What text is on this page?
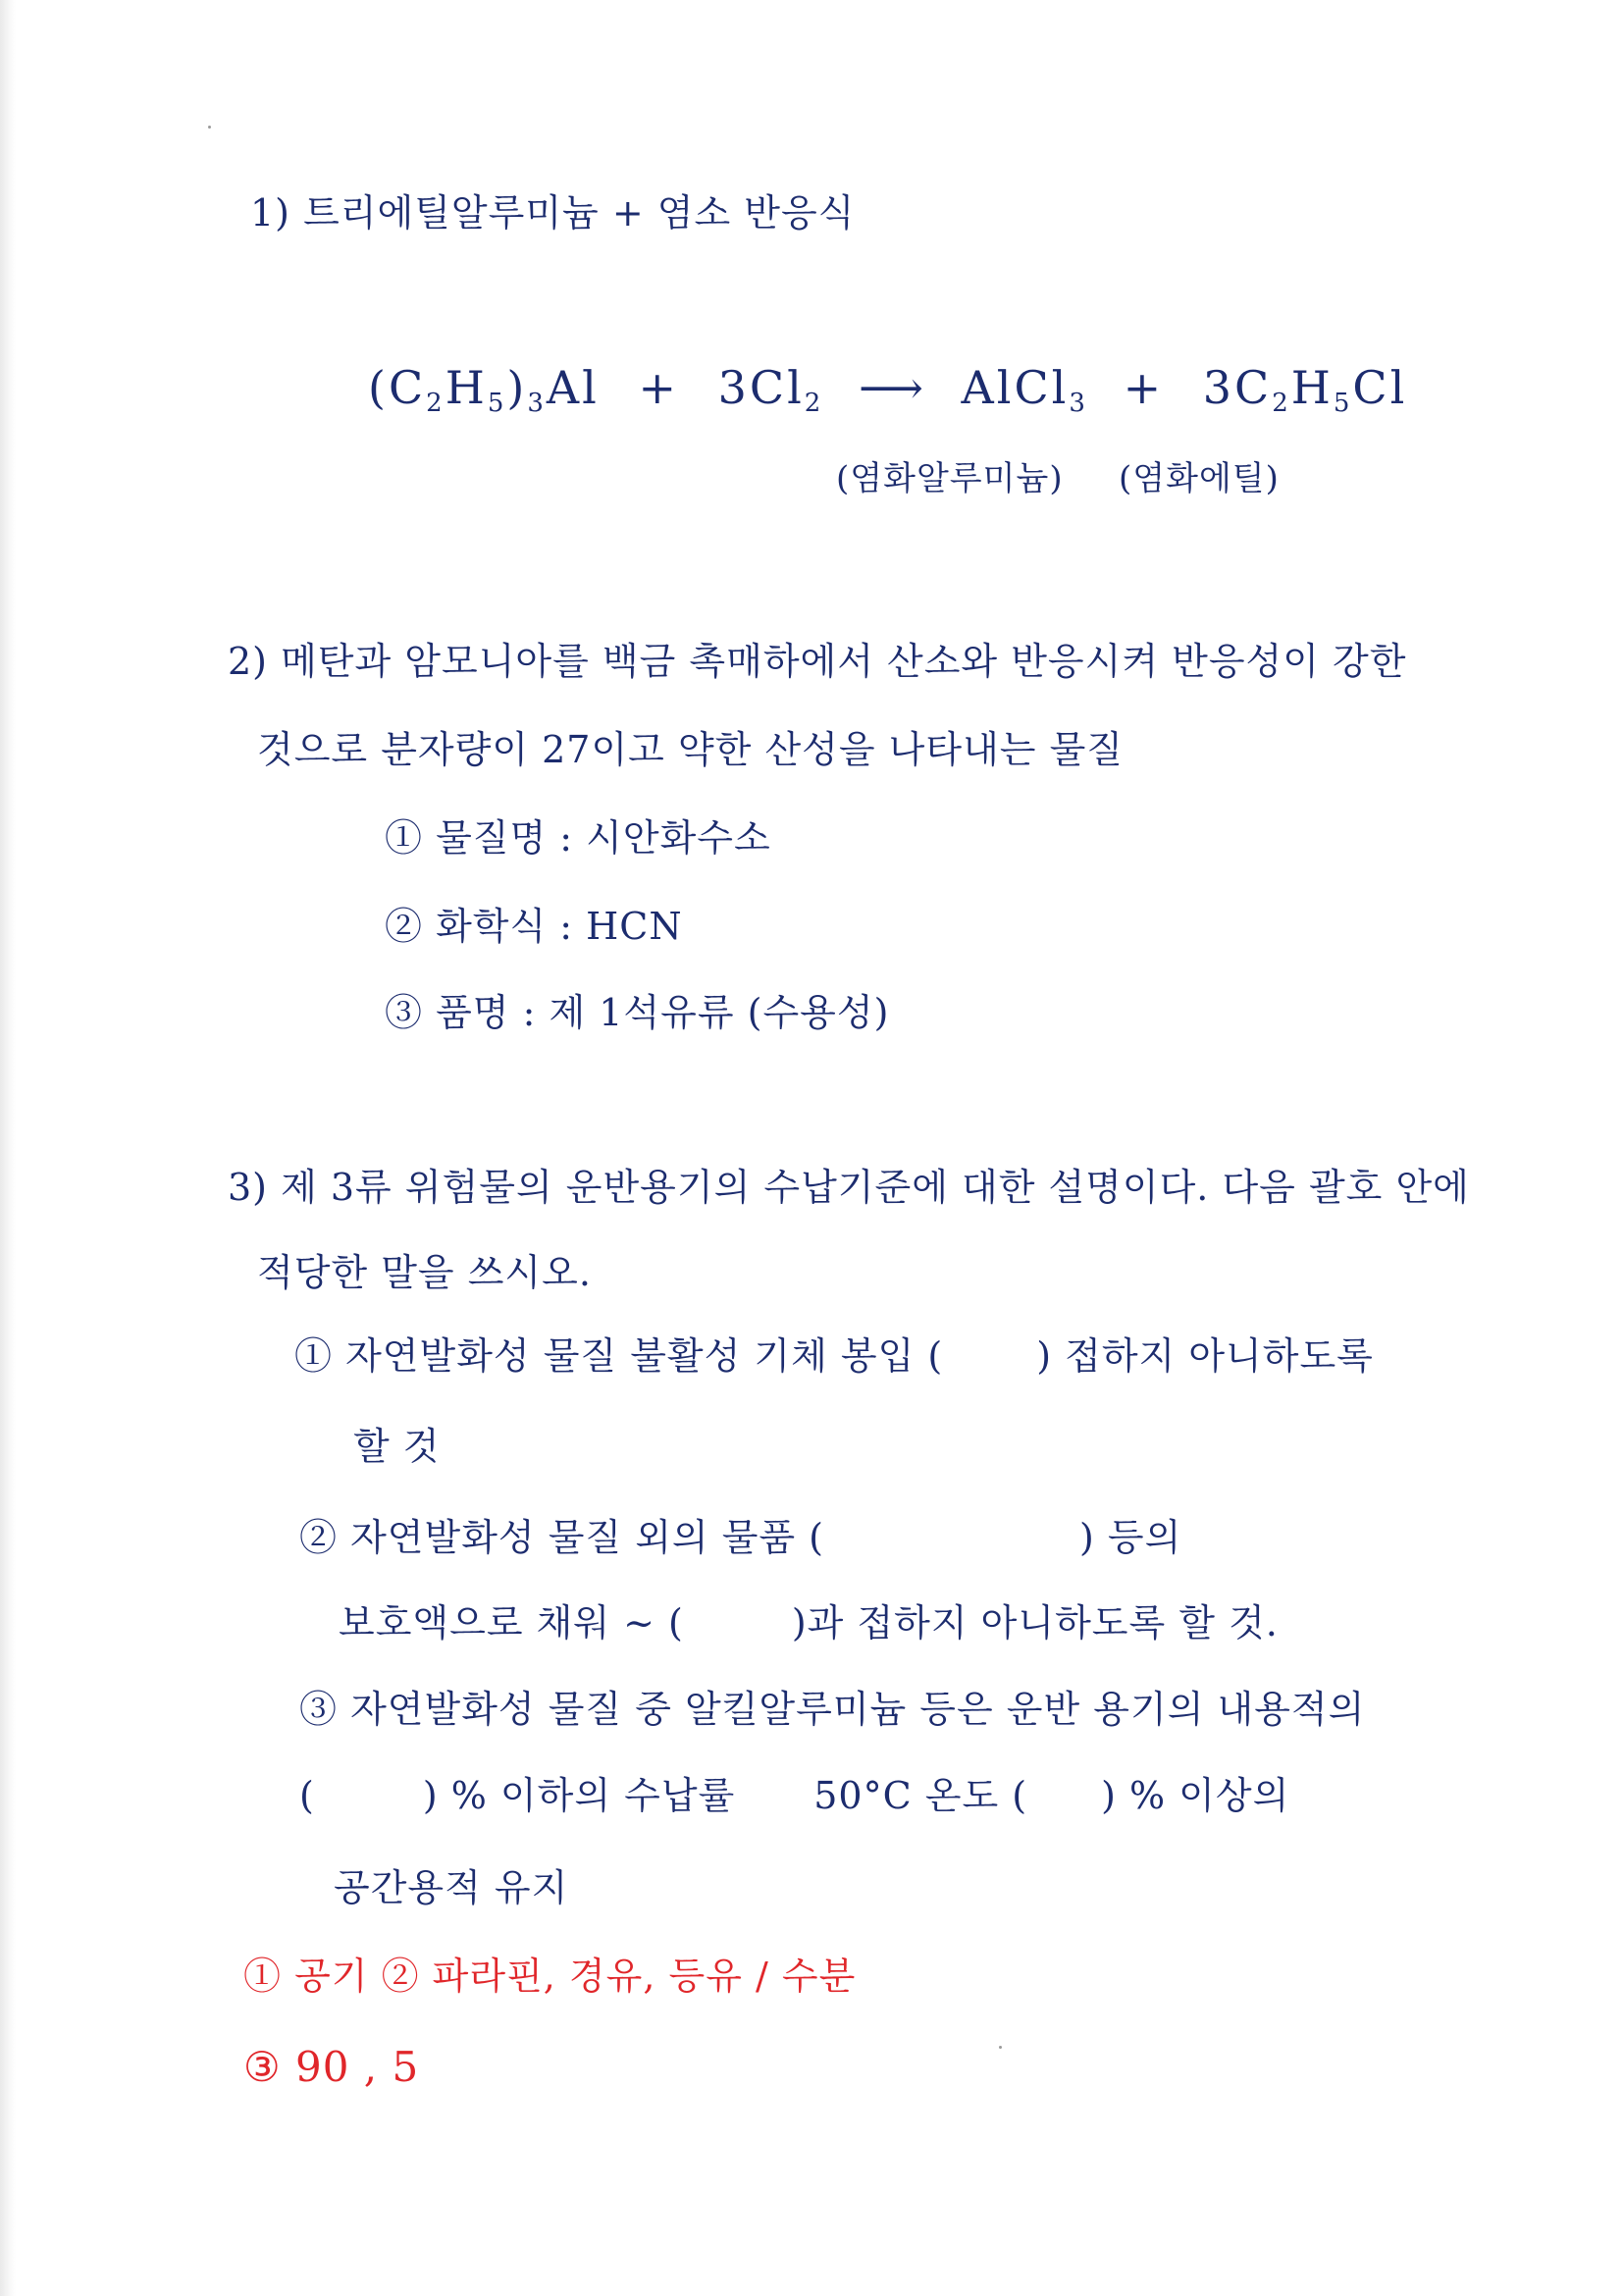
1) 트리에틸알루미늄 + 염소 반응식
$(C_2H_5)_3Al + 3Cl_2$ ⟶ AlCl$_3$ + $3C_2H_5Cl$
(염화알루미늄) (염화에틸)
2) 메탄과 암모니아를 백금 촉매하에서 산소와 반응시켜 반응성이 강한
것으로 분자량이 27이고 약한 산성을 나타내는 물질
① 물질명 : 시안화수소
② 화학식 : HCN
③ 품명 : 제 1석유류 (수용성)
3) 제 3류 위험물의 운반용기의 수납기준에 대한 설명이다. 다음 괄호 안에
적당한 말을 쓰시오.
① 자연발화성 물질 불활성 기체 봉입 (	) 접하지 아니하도록
할 것
② 자연발화성 물질 외의 물품 (	) 등의
보호액으로 채워 ~ (	)과 접하지 아니하도록 할 것.
③ 자연발화성 물질 중 알킬알루미늄 등은 운반 용기의 내용적의
(	) % 이하의 수납률 50°C 온도 ( ) % 이상의
공간용적 유지
① 공기 ② 파라핀, 경유, 등유 / 수분
③ 90 , 5
